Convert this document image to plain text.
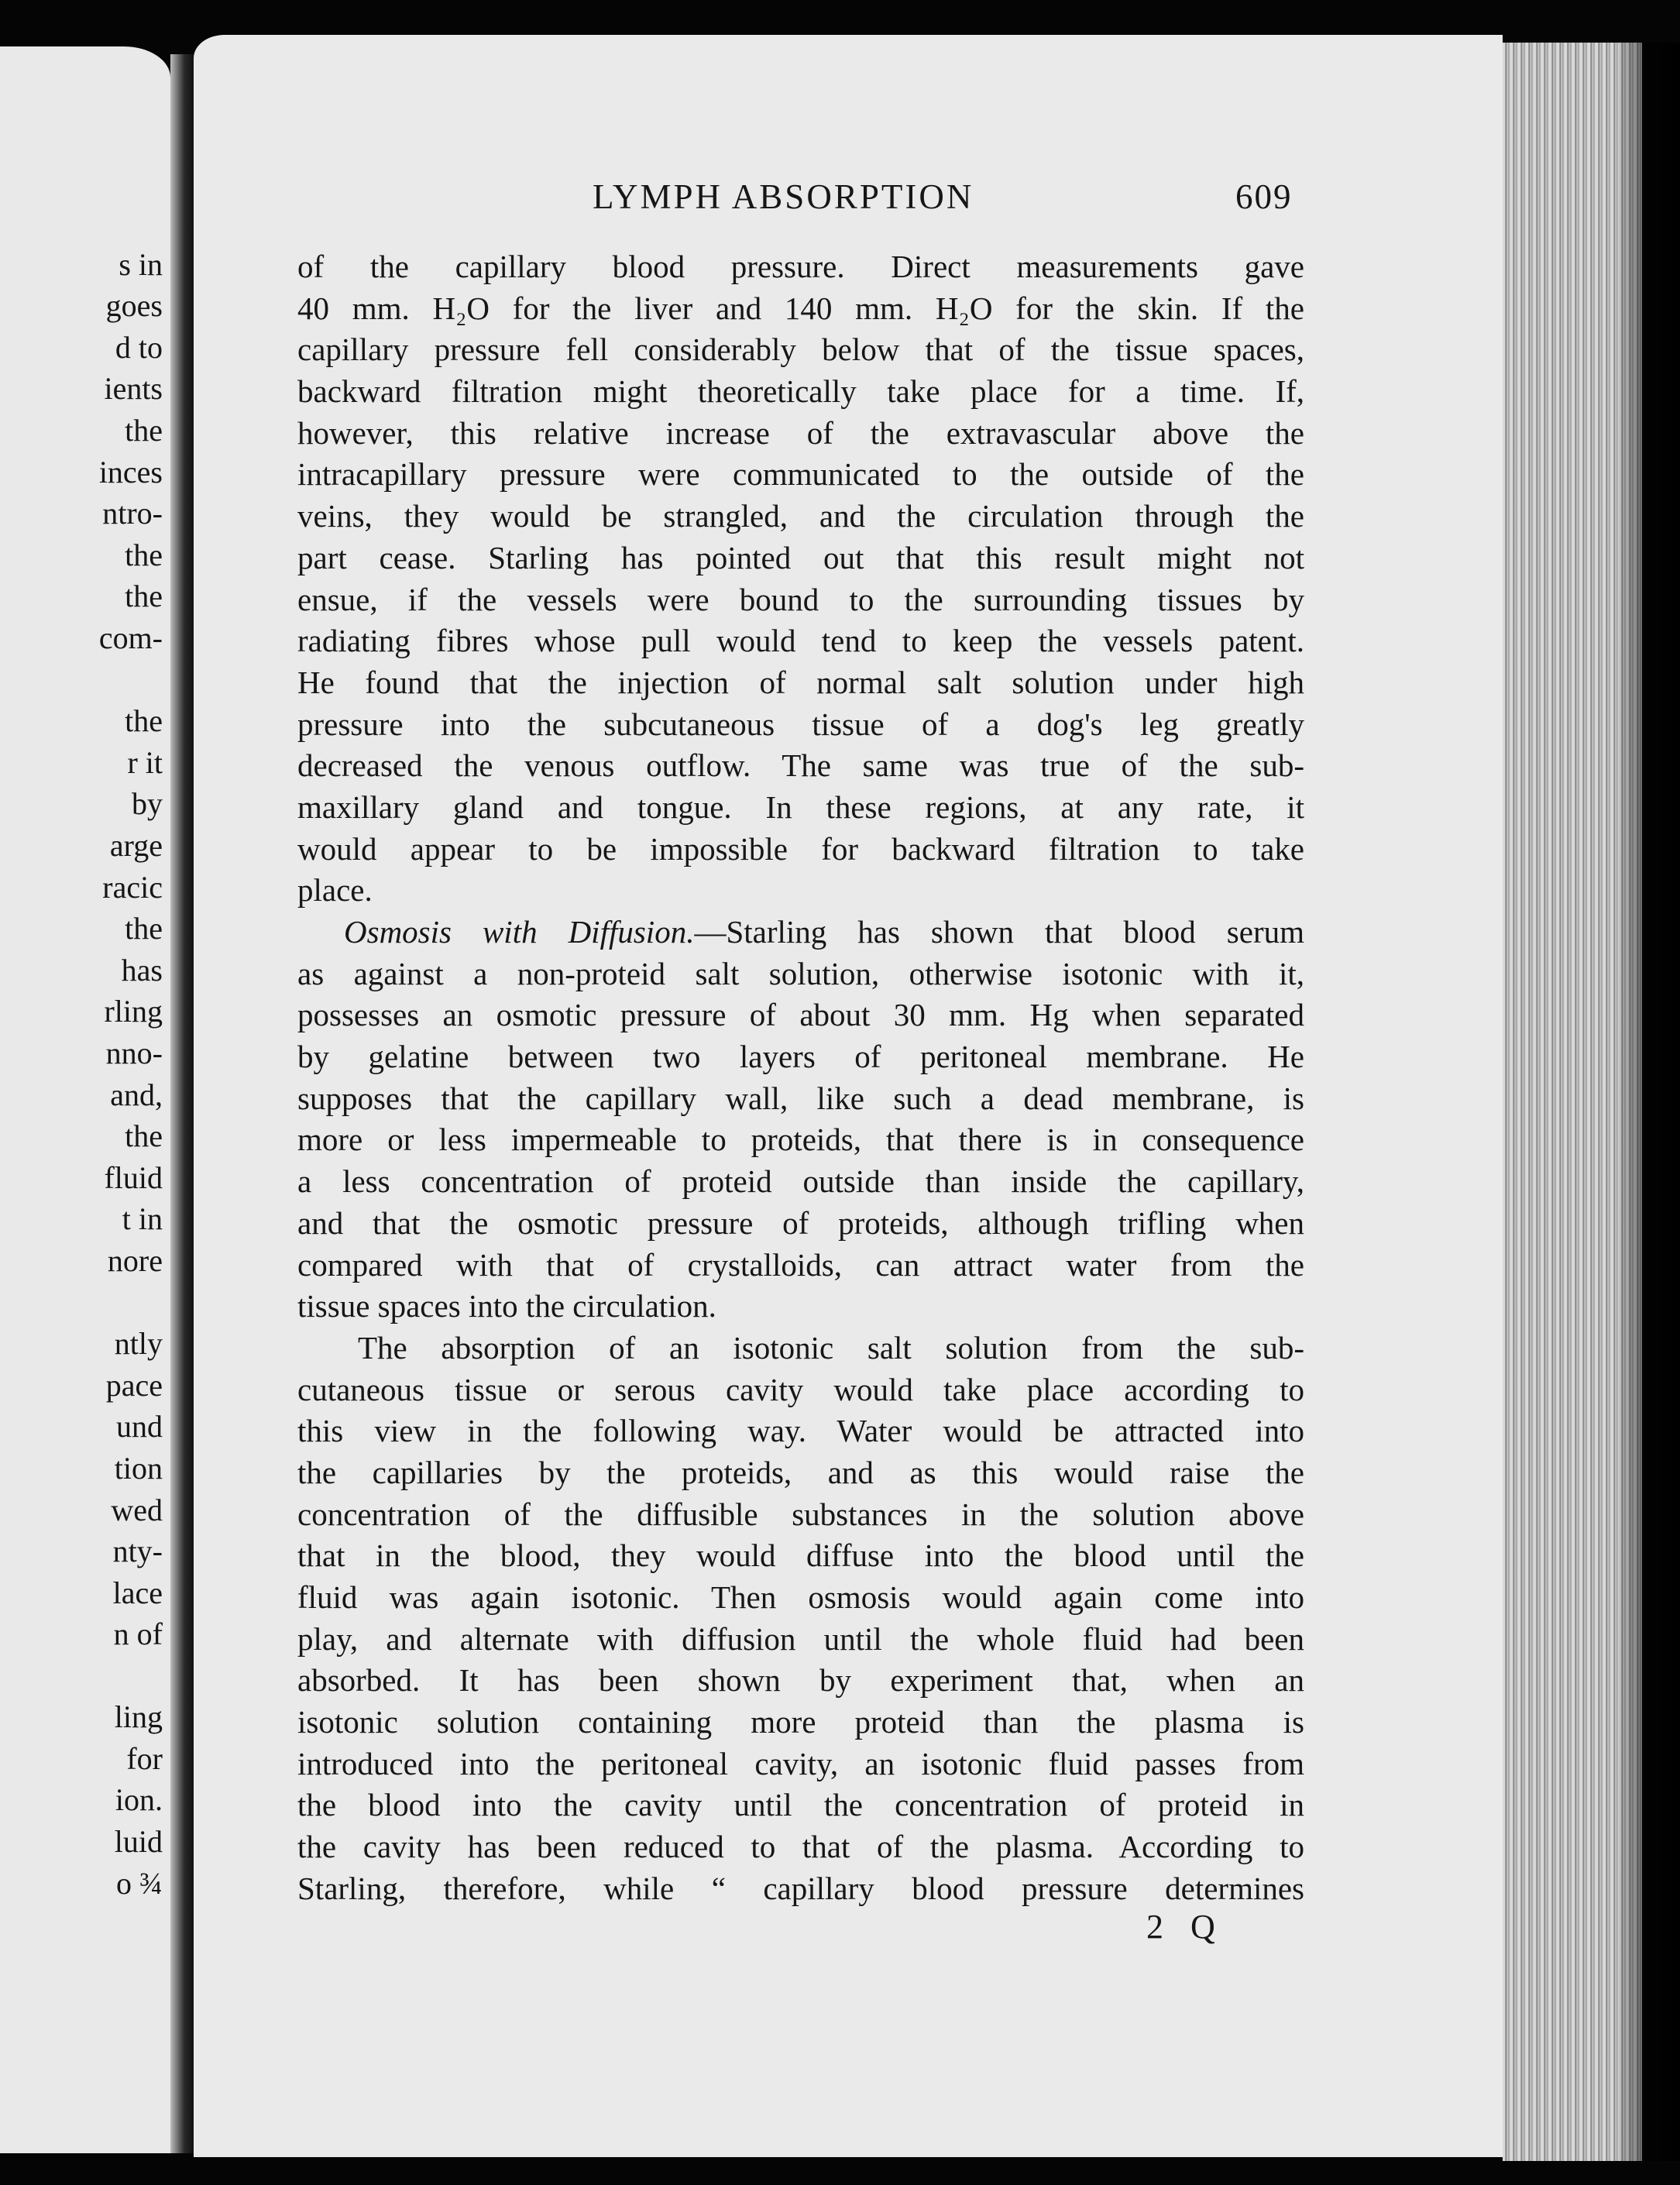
s in
goes
d to
ients
the
inces
ntro-
the
the
com-
the
r it
by
arge
racic
the
has
rling
nno-
and,
the
fluid
t in
nore
ntly
pace
und
tion
wed
nty-
lace
n of
ling
for
ion.
luid
o ¾
LYMPH ABSORPTION	609
of the capillary blood pressure. Direct measurements gave
40 mm. H₂O for the liver and 140 mm. H₂O for the skin. If the
capillary pressure fell considerably below that of the tissue spaces,
backward filtration might theoretically take place for a time. If,
however, this relative increase of the extravascular above the
intracapillary pressure were communicated to the outside of the
veins, they would be strangled, and the circulation through the
part cease. Starling has pointed out that this result might not
ensue, if the vessels were bound to the surrounding tissues by
radiating fibres whose pull would tend to keep the vessels patent.
He found that the injection of normal salt solution under high
pressure into the subcutaneous tissue of a dog's leg greatly
decreased the venous outflow. The same was true of the sub-
maxillary gland and tongue. In these regions, at any rate, it
would appear to be impossible for backward filtration to take
place.
Osmosis with Diffusion.—Starling has shown that blood serum
as against a non-proteid salt solution, otherwise isotonic with it,
possesses an osmotic pressure of about 30 mm. Hg when separated
by gelatine between two layers of peritoneal membrane. He
supposes that the capillary wall, like such a dead membrane, is
more or less impermeable to proteids, that there is in consequence
a less concentration of proteid outside than inside the capillary,
and that the osmotic pressure of proteids, although trifling when
compared with that of crystalloids, can attract water from the
tissue spaces into the circulation.
The absorption of an isotonic salt solution from the sub-
cutaneous tissue or serous cavity would take place according to
this view in the following way. Water would be attracted into
the capillaries by the proteids, and as this would raise the
concentration of the diffusible substances in the solution above
that in the blood, they would diffuse into the blood until the
fluid was again isotonic. Then osmosis would again come into
play, and alternate with diffusion until the whole fluid had been
absorbed. It has been shown by experiment that, when an
isotonic solution containing more proteid than the plasma is
introduced into the peritoneal cavity, an isotonic fluid passes from
the blood into the cavity until the concentration of proteid in
the cavity has been reduced to that of the plasma. According to
Starling, therefore, while “ capillary blood pressure determines
2 Q
